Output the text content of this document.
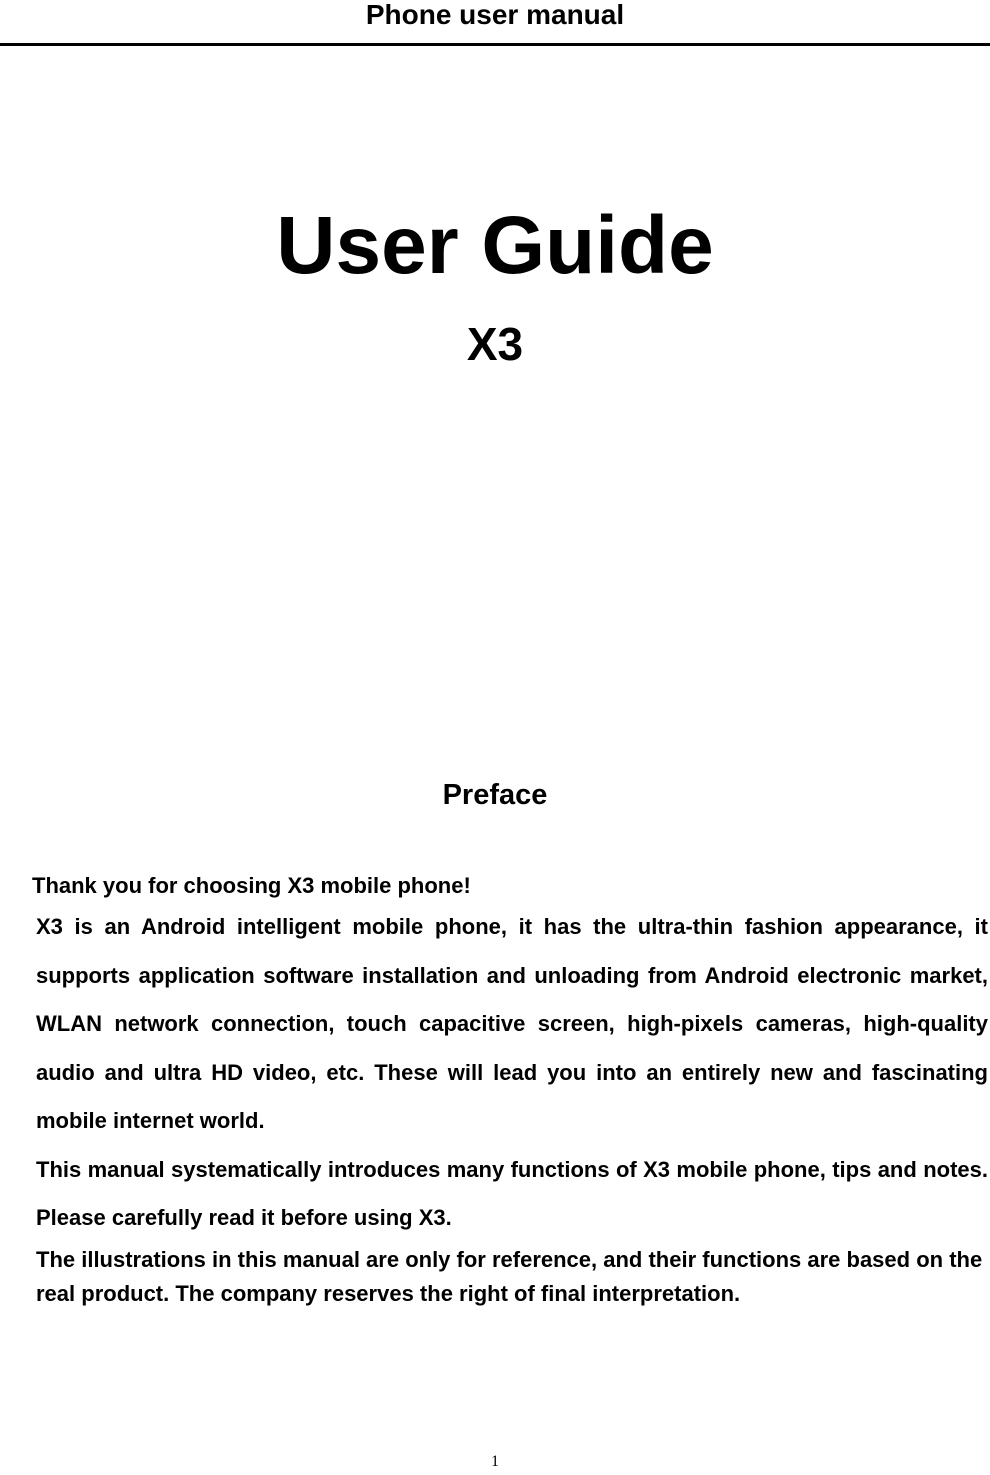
Phone user manual
User Guide
X3
Preface

Thank you for choosing X3 mobile phone!

X3 is an Android intelligent mobile phone, it has the ultra-thin fashion appearance, it supports application software installation and unloading from Android electronic market, WLAN network connection, touch capacitive screen, high-pixels cameras, high-quality audio and ultra HD video, etc. These will lead you into an entirely new and fascinating mobile internet world.

This manual systematically introduces many functions of X3 mobile phone, tips and notes. Please carefully read it before using X3.

The illustrations in this manual are only for reference, and their functions are based on the real product. The company reserves the right of final interpretation.

1
